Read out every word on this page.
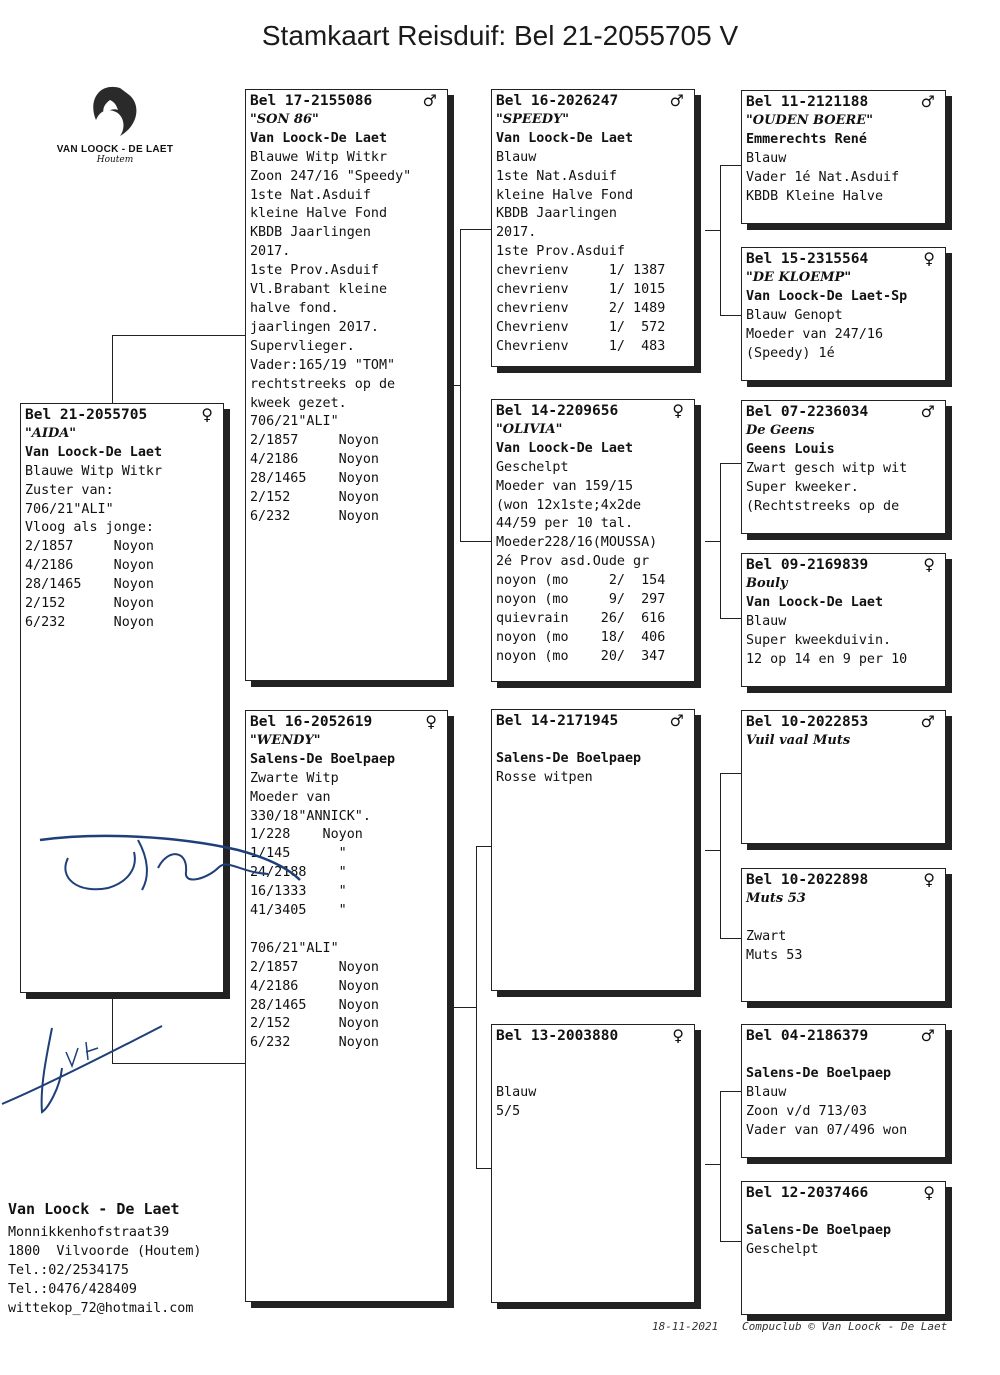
Stamkaart Reisduif: Bel 21-2055705 V
VAN LOOCK - DE LAET
Houtem
Bel 21-2055705	♀
"AIDA"
Van Loock-De Laet
Blauwe Witp Witkr
Zuster van:
706/21"ALI"
Vloog als jonge:
2/1857     Noyon
4/2186     Noyon
28/1465    Noyon
2/152      Noyon
6/232      Noyon
Bel 17-2155086	♂
"SON 86"
Van Loock-De Laet
Blauwe Witp Witkr
Zoon 247/16 "Speedy"
1ste Nat.Asduif
kleine Halve Fond
KBDB Jaarlingen
2017.
1ste Prov.Asduif
Vl.Brabant kleine
halve fond.
jaarlingen 2017.
Supervlieger.
Vader:165/19 "TOM"
rechtstreeks op de
kweek gezet.
706/21"ALI"
2/1857     Noyon
4/2186     Noyon
28/1465    Noyon
2/152      Noyon
6/232      Noyon
Bel 16-2052619	♀
"WENDY"
Salens-De Boelpaep
Zwarte Witp
Moeder van
330/18"ANNICK".
1/228    Noyon
1/145      "
24/2188    "
16/1333    "
41/3405    "
706/21"ALI"
2/1857     Noyon
4/2186     Noyon
28/1465    Noyon
2/152      Noyon
6/232      Noyon
Bel 16-2026247	♂
"SPEEDY"
Van Loock-De Laet
Blauw
1ste Nat.Asduif
kleine Halve Fond
KBDB Jaarlingen
2017.
1ste Prov.Asduif
chevrienv     1/ 1387
chevrienv     1/ 1015
chevrienv     2/ 1489
Chevrienv     1/  572
Chevrienv     1/  483
Bel 14-2209656	♀
"OLIVIA"
Van Loock-De Laet
Geschelpt
Moeder van 159/15
(won 12x1ste;4x2de
44/59 per 10 tal.
Moeder228/16(MOUSSA)
2é Prov asd.Oude gr
noyon (mo     2/  154
noyon (mo     9/  297
quievrain    26/  616
noyon (mo    18/  406
noyon (mo    20/  347
Bel 14-2171945	♂
Salens-De Boelpaep
Rosse witpen
Bel 13-2003880	♀
Blauw
5/5
Bel 11-2121188	♂
"OUDEN BOERE"
Emmerechts René
Blauw
Vader 1é Nat.Asduif
KBDB Kleine Halve
Bel 15-2315564	♀
"DE KLOEMP"
Van Loock-De Laet-Sp
Blauw Genopt
Moeder van 247/16
(Speedy) 1é
Bel 07-2236034	♂
De Geens
Geens Louis
Zwart gesch witp wit
Super kweeker.
(Rechtstreeks op de
Bel 09-2169839	♀
Bouly
Van Loock-De Laet
Blauw
Super kweekduivin.
12 op 14 en 9 per 10
Bel 10-2022853	♂
Vuil vaal Muts
Bel 10-2022898	♀
Muts 53
Zwart
Muts 53
Bel 04-2186379	♂
Salens-De Boelpaep
Blauw
Zoon v/d 713/03
Vader van 07/496 won
Bel 12-2037466	♀
Salens-De Boelpaep
Geschelpt
Van Loock - De Laet
Monnikkenhofstraat39
1800  Vilvoorde (Houtem)
Tel.:02/2534175
Tel.:0476/428409
wittekop_72@hotmail.com
18-11-2021 Compuclub © Van Loock - De Laet
